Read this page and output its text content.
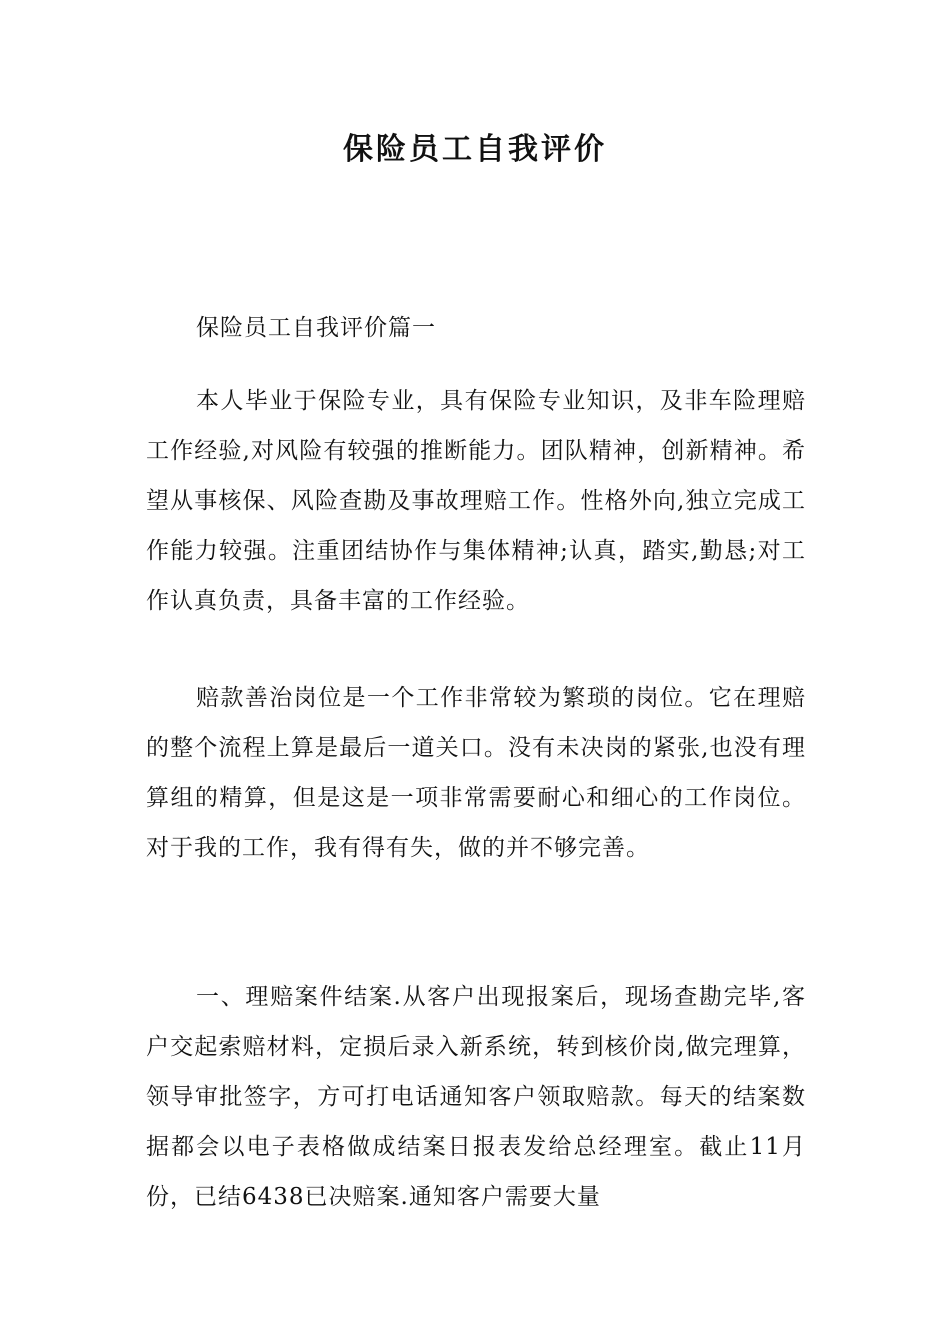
保险员工自我评价
保险员工自我评价篇一

本人毕业于保险专业，具有保险专业知识，及非车险理赔工作经验,对风险有较强的推断能力。团队精神，创新精神。希望从事核保、风险查勘及事故理赔工作。性格外向,独立完成工作能力较强。注重团结协作与集体精神;认真，踏实,勤恳;对工作认真负责，具备丰富的工作经验。

赔款善治岗位是一个工作非常较为繁琐的岗位。它在理赔的整个流程上算是最后一道关口。没有未决岗的紧张,也没有理算组的精算，但是这是一项非常需要耐心和细心的工作岗位。对于我的工作，我有得有失，做的并不够完善。

一、理赔案件结案.从客户出现报案后，现场查勘完毕,客户交起索赔材料，定损后录入新系统，转到核价岗,做完理算，领导审批签字，方可打电话通知客户领取赔款。每天的结案数据都会以电子表格做成结案日报表发给总经理室。截止11月份，已结6438已决赔案.通知客户需要大量
